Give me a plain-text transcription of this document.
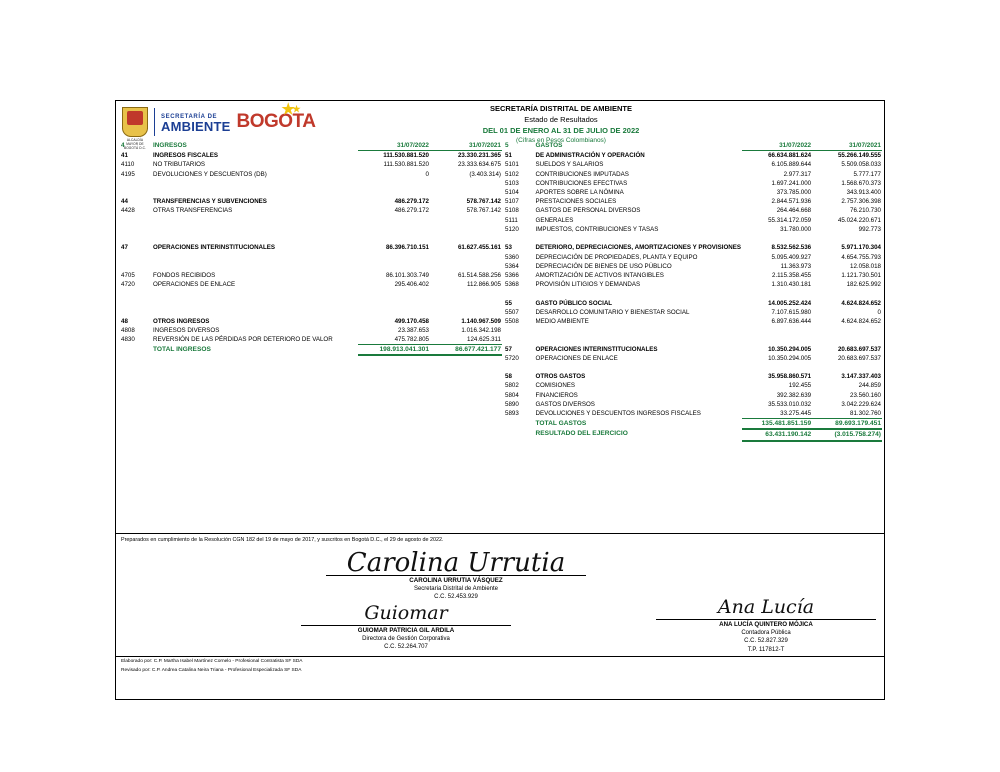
ALCALDÍA MAYOR DE BOGOTÁ D.C.
SECRETARÍA DE
AMBIENTE BOGOTA
★
SECRETARÍA DISTRITAL DE AMBIENTE
Estado de Resultados
DEL 01 DE ENERO AL 31 DE JULIO DE 2022
(Cifras en Pesos Colombianos)
4	INGRESOS	31/07/2022	31/07/2021
41	INGRESOS FISCALES	111.530.881.520	23.330.231.365
4110	NO TRIBUTARIOS	111.530.881.520	23.333.634.675
4195	DEVOLUCIONES Y DESCUENTOS (DB)	0	(3.403.314)

44	TRANSFERENCIAS Y SUBVENCIONES	486.279.172	578.767.142
4428	OTRAS TRANSFERENCIAS	486.279.172	578.767.142

47	OPERACIONES INTERINSTITUCIONALES	86.396.710.151	61.627.455.161

4705	FONDOS RECIBIDOS	86.101.303.749	61.514.588.256
4720	OPERACIONES DE ENLACE	295.406.402	112.866.905

48	OTROS INGRESOS	499.170.458	1.140.967.509
4808	INGRESOS DIVERSOS	23.387.653	1.016.342.198
4830	REVERSIÓN DE LAS PÉRDIDAS POR DETERIORO DE VALOR	475.782.805	124.625.311
	TOTAL INGRESOS	198.913.041.301	86.677.421.177
5	GASTOS	31/07/2022	31/07/2021
51	DE ADMINISTRACIÓN Y OPERACIÓN	66.634.881.624	55.266.149.555
5101	SUELDOS Y SALARIOS	6.105.889.644	5.509.058.033
5102	CONTRIBUCIONES IMPUTADAS	2.977.317	5.777.177
5103	CONTRIBUCIONES EFECTIVAS	1.697.241.000	1.568.670.373
5104	APORTES SOBRE LA NÓMINA	373.785.000	343.913.400
5107	PRESTACIONES SOCIALES	2.844.571.936	2.757.306.398
5108	GASTOS DE PERSONAL DIVERSOS	264.464.668	76.210.730
5111	GENERALES	55.314.172.059	45.024.220.671
5120	IMPUESTOS, CONTRIBUCIONES Y TASAS	31.780.000	992.773

53	DETERIORO, DEPRECIACIONES, AMORTIZACIONES Y PROVISIONES	8.532.562.536	5.971.170.304
5360	DEPRECIACIÓN DE PROPIEDADES, PLANTA Y EQUIPO	5.095.409.927	4.654.755.793
5364	DEPRECIACIÓN DE BIENES DE USO PÚBLICO	11.363.973	12.058.018
5366	AMORTIZACIÓN DE ACTIVOS INTANGIBLES	2.115.358.455	1.121.730.501
5368	PROVISIÓN LITIGIOS Y DEMANDAS	1.310.430.181	182.625.992

55	GASTO PÚBLICO SOCIAL	14.005.252.424	4.624.824.652
5507	DESARROLLO COMUNITARIO Y BIENESTAR SOCIAL	7.107.615.980	0
5508	MEDIO AMBIENTE	6.897.636.444	4.624.824.652

57	OPERACIONES INTERINSTITUCIONALES	10.350.294.005	20.683.697.537
5720	OPERACIONES DE ENLACE	10.350.294.005	20.683.697.537

58	OTROS GASTOS	35.958.860.571	3.147.337.403
5802	COMISIONES	192.455	244.859
5804	FINANCIEROS	392.382.639	23.560.160
5890	GASTOS DIVERSOS	35.533.010.032	3.042.229.624
5893	DEVOLUCIONES Y DESCUENTOS INGRESOS FISCALES	33.275.445	81.302.760
	TOTAL GASTOS	135.481.851.159	89.693.179.451
	RESULTADO DEL EJERCICIO	63.431.190.142	(3.015.758.274)
Preparados en cumplimiento de la Resolución CGN 182 del 19 de mayo de 2017, y suscritos en Bogotá D.C., el 29 de agosto de 2022.
Carolina Urrutia
CAROLINA URRUTIA VÁSQUEZ
Secretaria Distrital de Ambiente
C.C. 52.453.929
Guiomar
GUIOMAR PATRICIA GIL ARDILA
Directora de Gestión Corporativa
C.C. 52.264.707
Ana Lucía
ANA LUCÍA QUINTERO MÓJICA
Contadora Pública
C.C. 52.827.329
T.P. 117812-T
Elaborado por: C.P. Martha Isabel Martínez Cornelo - Profesional Contratista SF SDA
Revisado por: C.P. Andrea Catalina Neira Triana - Profesional Especializada SF SDA
